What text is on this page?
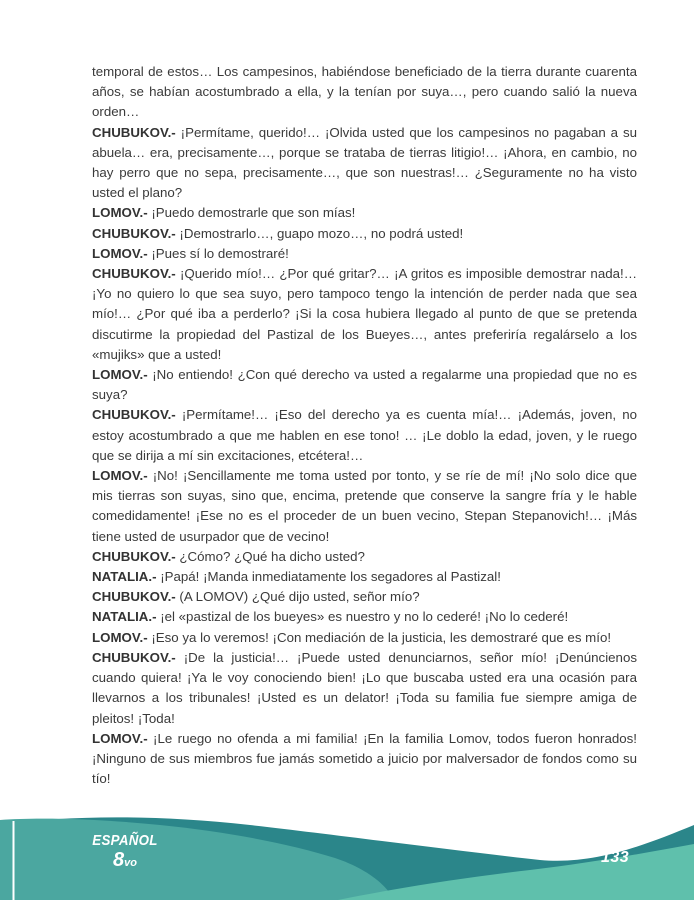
temporal de estos… Los campesinos, habiéndose beneficiado de la tierra durante cuarenta años, se habían acostumbrado a ella, y la tenían por suya…, pero cuando salió la nueva orden…

CHUBUKOV.- ¡Permítame, querido!… ¡Olvida usted que los campesinos no pagaban a su abuela… era, precisamente…, porque se trataba de tierras litigio!… ¡Ahora, en cambio, no hay perro que no sepa, precisamente…, que son nuestras!… ¿Seguramente no ha visto usted el plano?

LOMOV.- ¡Puedo demostrarle que son mías!

CHUBUKOV.- ¡Demostrarlo…, guapo mozo…, no podrá usted!

LOMOV.- ¡Pues sí lo demostraré!

CHUBUKOV.- ¡Querido mío!… ¿Por qué gritar?… ¡A gritos es imposible demostrar nada!… ¡Yo no quiero lo que sea suyo, pero tampoco tengo la intención de perder nada que sea mío!… ¿Por qué iba a perderlo? ¡Si la cosa hubiera llegado al punto de que se pretenda discutirme la propiedad del Pastizal de los Bueyes…, antes preferiría regalárselo a los «mujiks» que a usted!

LOMOV.- ¡No entiendo! ¿Con qué derecho va usted a regalarme una propiedad que no es suya?

CHUBUKOV.- ¡Permítame!… ¡Eso del derecho ya es cuenta mía!… ¡Además, joven, no estoy acostumbrado a que me hablen en ese tono! … ¡Le doblo la edad, joven, y le ruego que se dirija a mí sin excitaciones, etcétera!…

LOMOV.- ¡No! ¡Sencillamente me toma usted por tonto, y se ríe de mí! ¡No solo dice que mis tierras son suyas, sino que, encima, pretende que conserve la sangre fría y le hable comedidamente! ¡Ese no es el proceder de un buen vecino, Stepan Stepanovich!… ¡Más tiene usted de usurpador que de vecino!

CHUBUKOV.- ¿Cómo? ¿Qué ha dicho usted?

NATALIA.- ¡Papá! ¡Manda inmediatamente los segadores al Pastizal!

CHUBUKOV.- (A LOMOV) ¿Qué dijo usted, señor mío?

NATALIA.- ¡el «pastizal de los bueyes» es nuestro y no lo cederé! ¡No lo cederé!

LOMOV.- ¡Eso ya lo veremos! ¡Con mediación de la justicia, les demostraré que es mío!

CHUBUKOV.- ¡De la justicia!… ¡Puede usted denunciarnos, señor mío! ¡Denúncienos cuando quiera! ¡Ya le voy conociendo bien! ¡Lo que buscaba usted era una ocasión para llevarnos a los tribunales! ¡Usted es un delator! ¡Toda su familia fue siempre amiga de pleitos! ¡Toda!

LOMOV.- ¡Le ruego no ofenda a mi familia! ¡En la familia Lomov, todos fueron honrados!¡Ninguno de sus miembros fue jamás sometido a juicio por malversador de fondos como su tío!

ESPAÑOL
8vo	133
